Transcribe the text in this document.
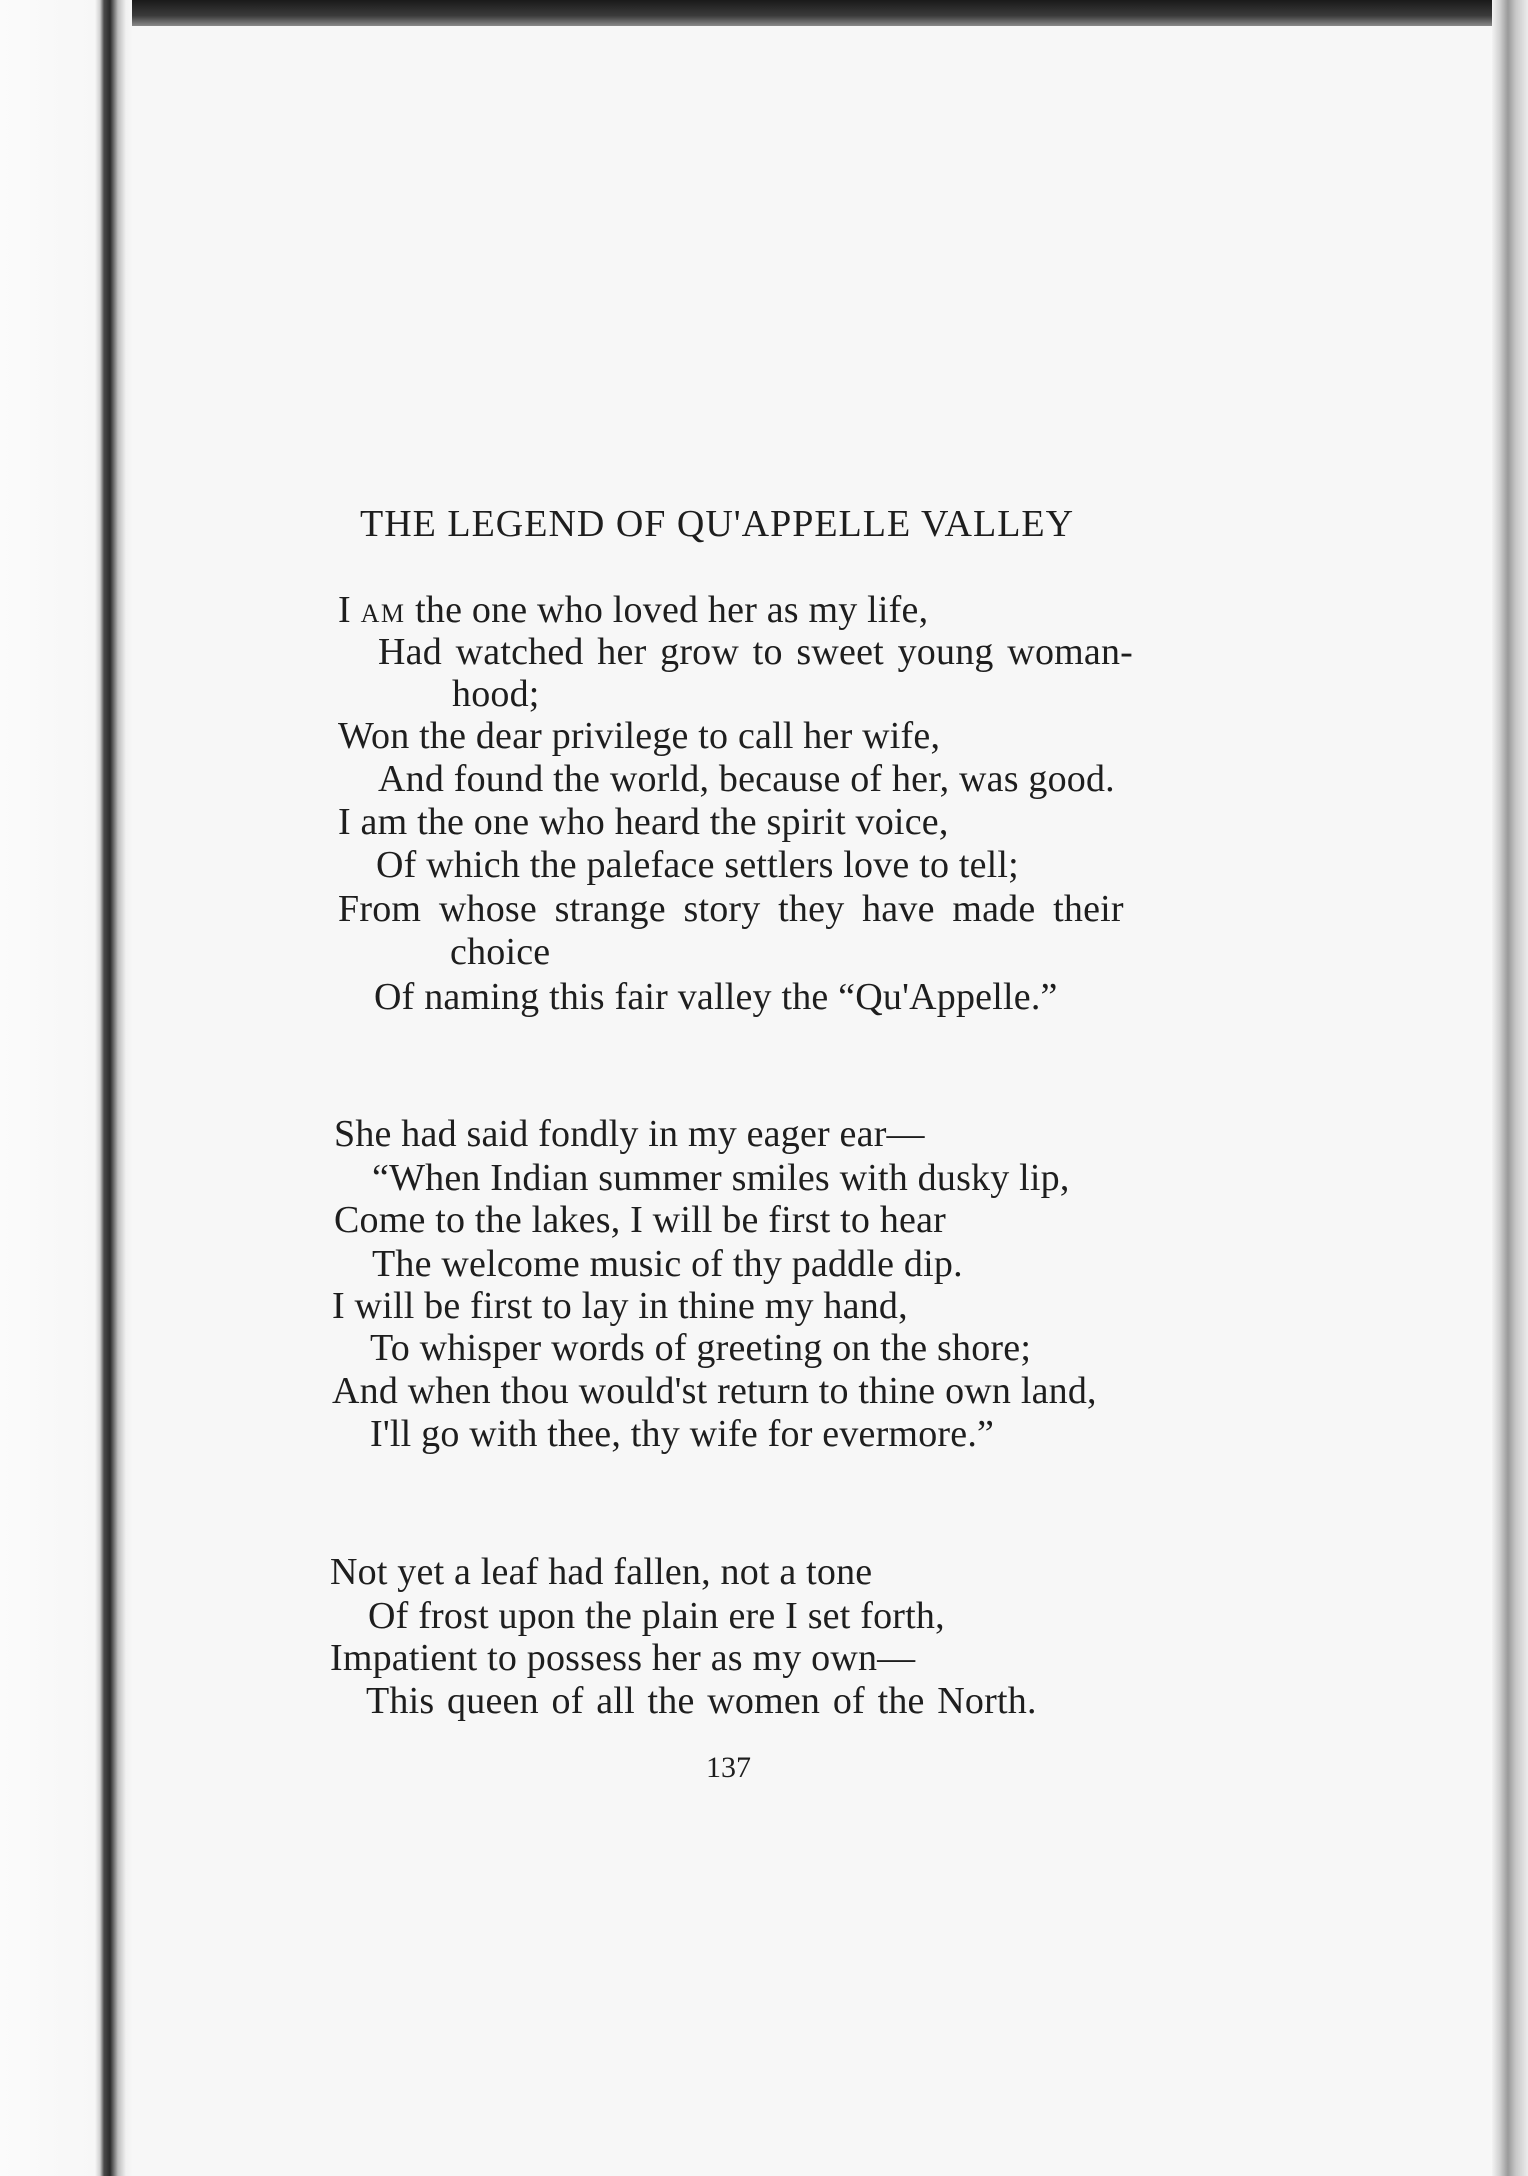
THE LEGEND OF QU'APPELLE VALLEY
I AM the one who loved her as my life,
Had watched her grow to sweet young woman-
hood;
Won the dear privilege to call her wife,
And found the world, because of her, was good.
I am the one who heard the spirit voice,
Of which the paleface settlers love to tell;
From whose strange story they have made their
choice
Of naming this fair valley the “Qu'Appelle.”
She had said fondly in my eager ear—
“When Indian summer smiles with dusky lip,
Come to the lakes, I will be first to hear
The welcome music of thy paddle dip.
I will be first to lay in thine my hand,
To whisper words of greeting on the shore;
And when thou would'st return to thine own land,
I'll go with thee, thy wife for evermore.”
Not yet a leaf had fallen, not a tone
Of frost upon the plain ere I set forth,
Impatient to possess her as my own—
This queen of all the women of the North.
137
